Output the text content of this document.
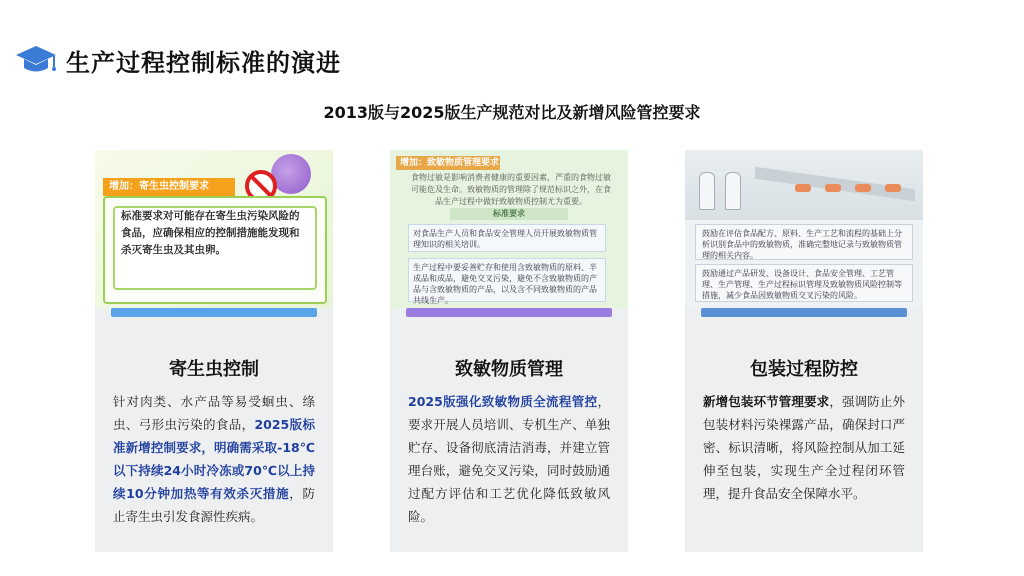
生产过程控制标准的演进
2013版与2025版生产规范对比及新增风险管控要求
增加：寄生虫控制要求
标准要求对可能存在寄生虫污染风险的食品，应确保相应的控制措施能发现和杀灭寄生虫及其虫卵。
寄生虫控制
针对肉类、水产品等易受蛔虫、绦虫、弓形虫污染的食品，2025版标准新增控制要求，明确需采取-18℃以下持续24小时冷冻或70℃以上持续10分钟加热等有效杀灭措施，防止寄生虫引发食源性疾病。
增加：致敏物质管理要求
食物过敏是影响消费者健康的重要因素，严重的食物过敏可能危及生命。致敏物质的管理除了规范标识之外，在食品生产过程中做好致敏物质控制尤为重要。
标准要求
对食品生产人员和食品安全管理人员开展致敏物质管理知识的相关培训。
生产过程中要妥善贮存和使用含致敏物质的原料、半成品和成品，避免交叉污染，避免不含致敏物质的产品与含致敏物质的产品，以及含不同致敏物质的产品共线生产。
致敏物质管理
2025版强化致敏物质全流程管控，要求开展人员培训、专机生产、单独贮存、设备彻底清洁消毒，并建立管理台账，避免交叉污染，同时鼓励通过配方评估和工艺优化降低致敏风险。
鼓励在评估食品配方、原料、生产工艺和流程的基础上分析识别食品中的致敏物质，准确完整地记录与致敏物质管理的相关内容。
鼓励通过产品研发、设备设计、食品安全管理、工艺管理、生产管理、生产过程标识管理及致敏物质风险控制等措施，减少食品因致敏物质交叉污染的风险。
包装过程防控
新增包装环节管理要求，强调防止外包装材料污染裸露产品，确保封口严密、标识清晰，将风险控制从加工延伸至包装，实现生产全过程闭环管理，提升食品安全保障水平。
